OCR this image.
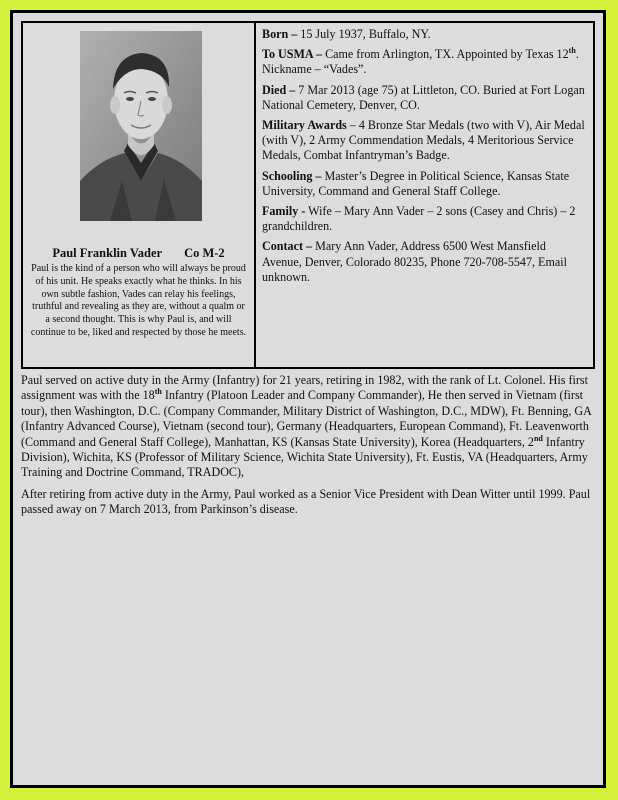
Paul Franklin Vader Co M-2
Paul is the kind of a person who will always be proud of his unit. He speaks exactly what he thinks. In his own subtle fashion, Vades can relay his feelings, truthful and revealing as they are, without a qualm or a second thought. This is why Paul is, and will continue to be, liked and respected by those he meets.

Born – 15 July 1937, Buffalo, NY.

To USMA – Came from Arlington, TX. Appointed by Texas 12th. Nickname – “Vades”.

Died – 7 Mar 2013 (age 75) at Littleton, CO. Buried at Fort Logan National Cemetery, Denver, CO.

Military Awards – 4 Bronze Star Medals (two with V), Air Medal (with V), 2 Army Commendation Medals, 4 Meritorious Service Medals, Combat Infantryman’s Badge.

Schooling – Master’s Degree in Political Science, Kansas State University, Command and General Staff College.

Family - Wife – Mary Ann Vader – 2 sons (Casey and Chris) – 2 grandchildren.

Contact – Mary Ann Vader, Address 6500 West Mansfield Avenue, Denver, Colorado 80235, Phone 720-708-5547, Email unknown.

Paul served on active duty in the Army (Infantry) for 21 years, retiring in 1982, with the rank of Lt. Colonel. His first assignment was with the 18th Infantry (Platoon Leader and Company Commander), He then served in Vietnam (first tour), then Washington, D.C. (Company Commander, Military District of Washington, D.C., MDW), Ft. Benning, GA (Infantry Advanced Course), Vietnam (second tour), Germany (Headquarters, European Command), Ft. Leavenworth (Command and General Staff College), Manhattan, KS (Kansas State University), Korea (Headquarters, 2nd Infantry Division), Wichita, KS (Professor of Military Science, Wichita State University), Ft. Eustis, VA (Headquarters, Army Training and Doctrine Command, TRADOC),

After retiring from active duty in the Army, Paul worked as a Senior Vice President with Dean Witter until 1999. Paul passed away on 7 March 2013, from Parkinson’s disease.
